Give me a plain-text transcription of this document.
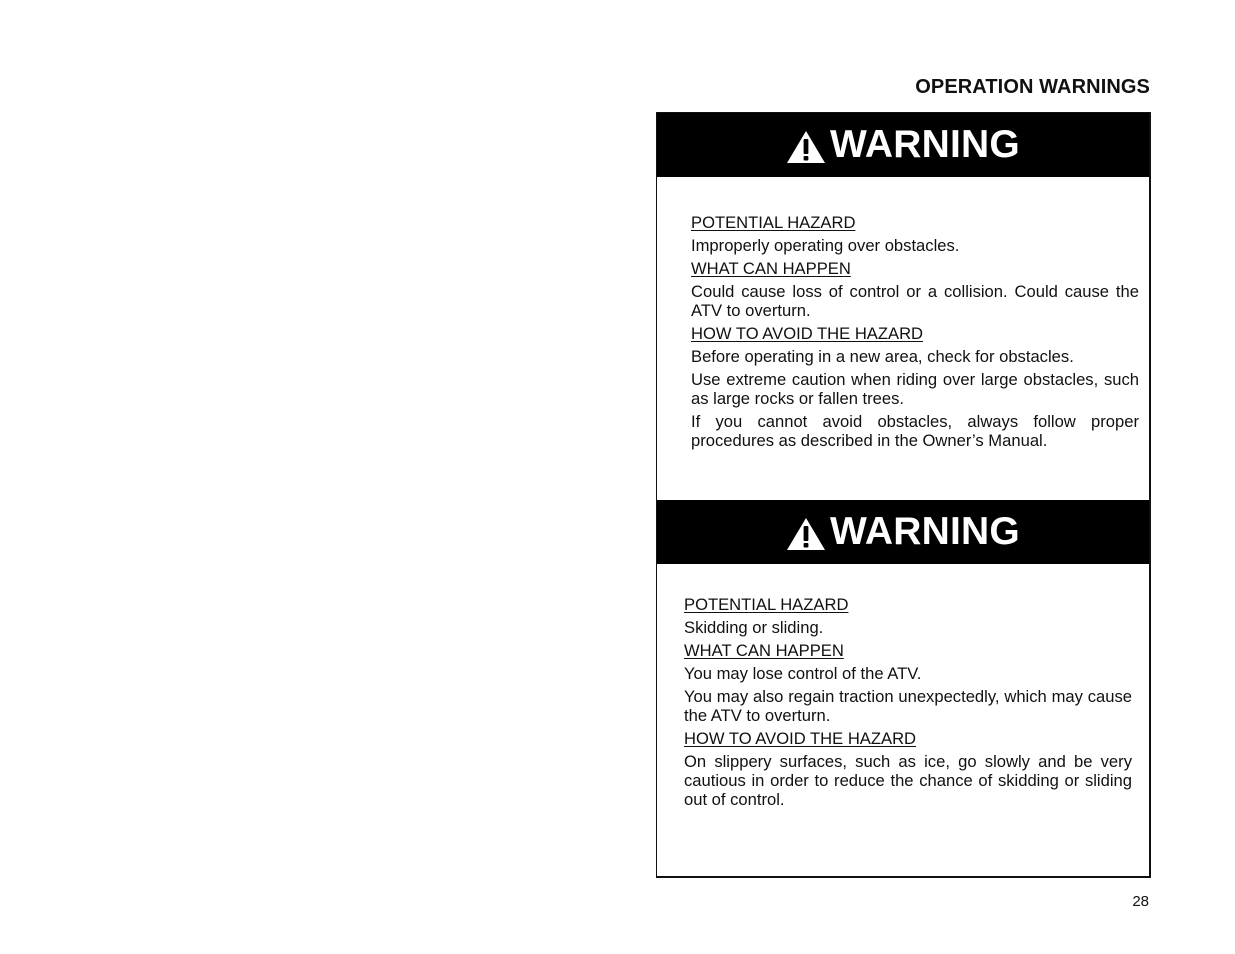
OPERATION WARNINGS
WARNING

POTENTIAL HAZARD

Improperly operating over obstacles.

WHAT CAN HAPPEN

Could cause loss of control or a collision. Could cause the ATV to overturn.

HOW TO AVOID THE HAZARD

Before operating in a new area, check for obstacles.

Use extreme caution when riding over large obstacles, such as large rocks or fallen trees.

If you cannot avoid obstacles, always follow proper procedures as described in the Owner’s Manual.

WARNING

POTENTIAL HAZARD

Skidding or sliding.

WHAT CAN HAPPEN

You may lose control of the ATV.

You may also regain traction unexpectedly, which may cause the ATV to overturn.

HOW TO AVOID THE HAZARD

On slippery surfaces, such as ice, go slowly and be very cautious in order to reduce the chance of skidding or sliding out of control.

28
